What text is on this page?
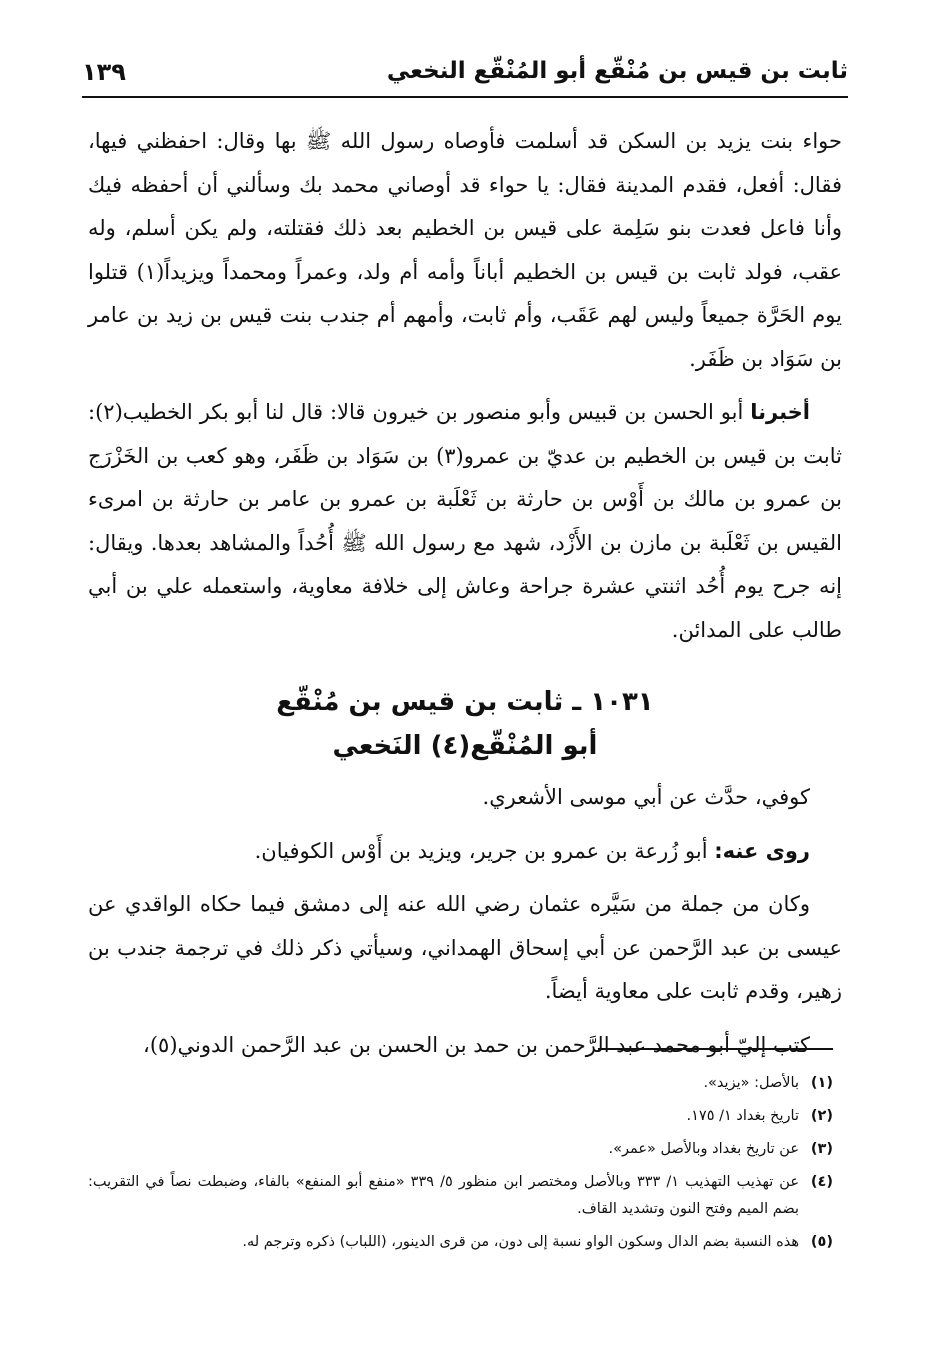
ثابت بن قيس بن مُنْقّع أبو المُنْقّع النخعي
١٣٩

حواء بنت يزيد بن السكن قد أسلمت فأوصاه رسول الله ﷺ بها وقال: احفظني فيها، فقال: أفعل، فقدم المدينة فقال: يا حواء قد أوصاني محمد بك وسألني أن أحفظه فيك وأنا فاعل فعدت بنو سَلِمة على قيس بن الخطيم بعد ذلك فقتلته، ولم يكن أسلم، وله عقب، فولد ثابت بن قيس بن الخطيم أباناً وأمه أم ولد، وعمراً ومحمداً ويزيداً(١) قتلوا يوم الحَرَّة جميعاً وليس لهم عَقَب، وأم ثابت، وأمهم أم جندب بنت قيس بن زيد بن عامر بن سَوَاد بن ظَفَر.

أخبرنا أبو الحسن بن قبيس وأبو منصور بن خيرون قالا: قال لنا أبو بكر الخطيب(٢): ثابت بن قيس بن الخطيم بن عديّ بن عمرو(٣) بن سَوَاد بن ظَفَر، وهو كعب بن الخَزْرَج بن عمرو بن مالك بن أَوْس بن حارثة بن ثَعْلَبة بن عمرو بن عامر بن حارثة بن امرىء القيس بن ثَعْلَبة بن مازن بن الأَزْد، شهد مع رسول الله ﷺ أُحُداً والمشاهد بعدها. ويقال: إنه جرح يوم أُحُد اثنتي عشرة جراحة وعاش إلى خلافة معاوية، واستعمله علي بن أبي طالب على المدائن.

١٠٣١ ـ ثابت بن قيس بن مُنْقّع
أبو المُنْقّع(٤) النَخعي

كوفي، حدَّث عن أبي موسى الأشعري.

روى عنه: أبو زُرعة بن عمرو بن جرير، ويزيد بن أَوْس الكوفيان.

وكان من جملة من سَيَّره عثمان رضي الله عنه إلى دمشق فيما حكاه الواقدي عن عيسى بن عبد الرَّحمن عن أبي إسحاق الهمداني، وسيأتي ذكر ذلك في ترجمة جندب بن زهير، وقدم ثابت على معاوية أيضاً.

كتب إليّ أبو محمد عبد الرَّحمن بن حمد بن الحسن بن عبد الرَّحمن الدوني(٥)،

(١)
بالأصل: «يزيد».
(٢)
تاريخ بغداد ١/ ١٧٥.
(٣)
عن تاريخ بغداد وبالأصل «عمر».
(٤)
عن تهذيب التهذيب ١/ ٣٣٣ وبالأصل ومختصر ابن منظور ٥/ ٣٣٩ «منفع أبو المنفع» بالفاء، وضبطت نصاً في التقريب: بضم الميم وفتح النون وتشديد القاف.
(٥)
هذه النسبة بضم الدال وسكون الواو نسبة إلى دون، من قرى الدينور، (اللباب) ذكره وترجم له.
